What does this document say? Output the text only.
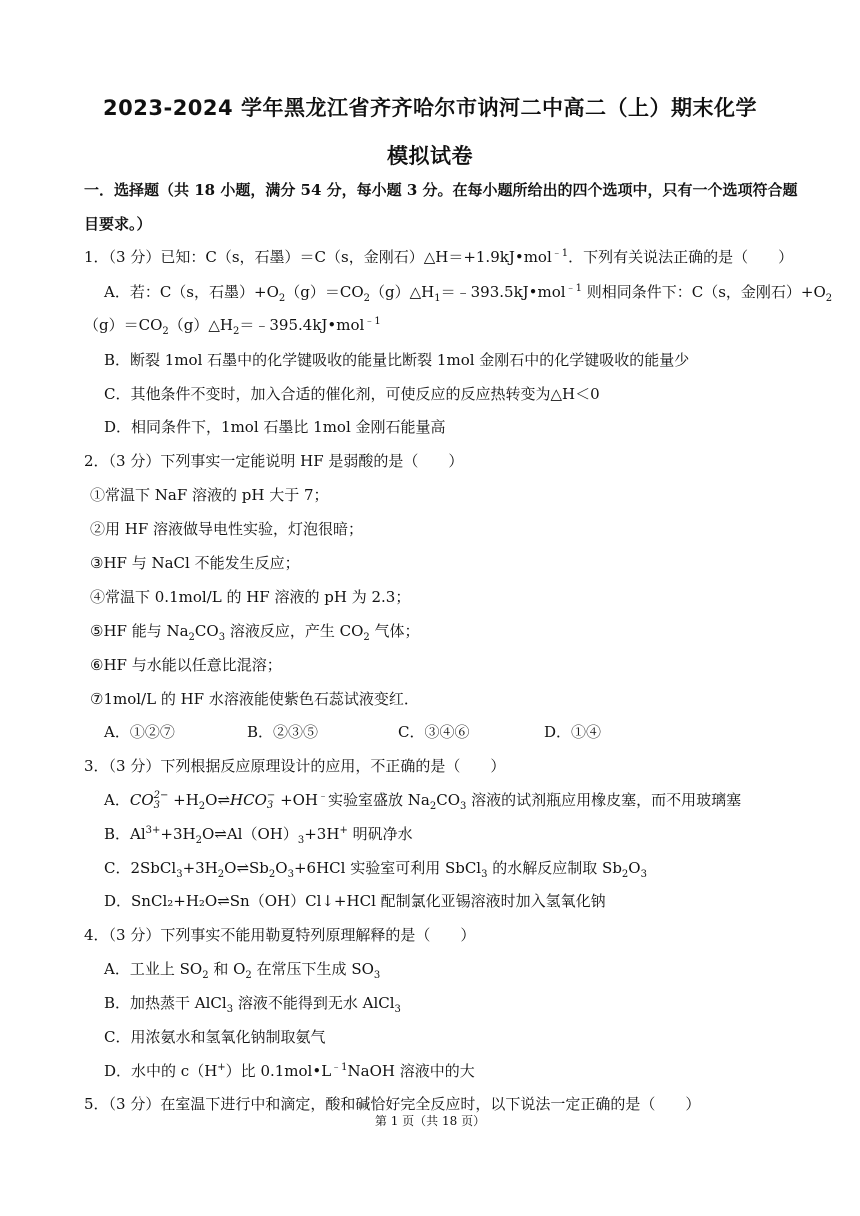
2023-2024 学年黑龙江省齐齐哈尔市讷河二中高二（上）期末化学
模拟试卷
一．选择题（共 18 小题，满分 54 分，每小题 3 分。在每小题所给出的四个选项中，只有一个选项符合题
目要求。）
1．（3 分）已知：C（s，石墨）＝C（s，金刚石）△H＝+1.9kJ•mol$^{﹣1}$．下列有关说法正确的是（　　）
A．若：C（s，石墨）$+O_2(g)=CO_2(g)\triangle H_1=﹣393.5kJ•mol^{﹣1}$ 则相同条件下：C（s，金刚石）$+O_2$
$(g)=CO_2(g)\triangle H_2=﹣395.4kJ•mol^{﹣1}$
B．断裂 1mol 石墨中的化学键吸收的能量比断裂 1mol 金刚石中的化学键吸收的能量少
C．其他条件不变时，加入合适的催化剂，可使反应的反应热转变为△H＜0
D．相同条件下，1mol 石墨比 1mol 金刚石能量高
2．（3 分）下列事实一定能说明 HF 是弱酸的是（　　）
①常温下 NaF 溶液的 pH 大于 7；
②用 HF 溶液做导电性实验，灯泡很暗；
③HF 与 NaCl 不能发生反应；
④常温下 0.1mol/L 的 HF 溶液的 pH 为 2.3；
⑤HF 能与 $Na_2CO_3$ 溶液反应，产生 $CO_2$ 气体；
⑥HF 与水能以任意比混溶；
⑦1mol/L 的 HF 水溶液能使紫色石蕊试液变红．
A．①②⑦	B．②③⑤	C．③④⑥	D．①④
3．（3 分）下列根据反应原理设计的应用，不正确的是（　　）
A．CO 2−
$3 +H_2O\rightleftharpoons HCO$ −
3 +OH﹣实验室盛放 $Na_2CO_3$ 溶液的试剂瓶应用橡皮塞，而不用玻璃塞
B．$Al^{3+}+3H_2O\rightleftharpoons Al(OH)_3+3H^+$ 明矾净水
C．$2SbCl_3+3H_2O\rightleftharpoons Sb_2O_3+6HCl$ 实验室可利用 SbCl$_3$ 的水解反应制取 $Sb_2O_3$
D．SnCl₂+H₂O⇌Sn（OH）Cl↓+HCl 配制氯化亚锡溶液时加入氢氧化钠
4．（3 分）下列事实不能用勒夏特列原理解释的是（　　）
A．工业上 $SO_2$ 和 $O_2$ 在常压下生成 $SO_3$
B．加热蒸干 AlCl$_3$ 溶液不能得到无水 AlCl$_3$
C．用浓氨水和氢氧化钠制取氨气
D．水中的 c（H+）比 $0.1mol•L^{﹣1}NaOH$ 溶液中的大
5．（3 分）在室温下进行中和滴定，酸和碱恰好完全反应时，以下说法一定正确的是（　　）
第 1 页（共 18 页）
